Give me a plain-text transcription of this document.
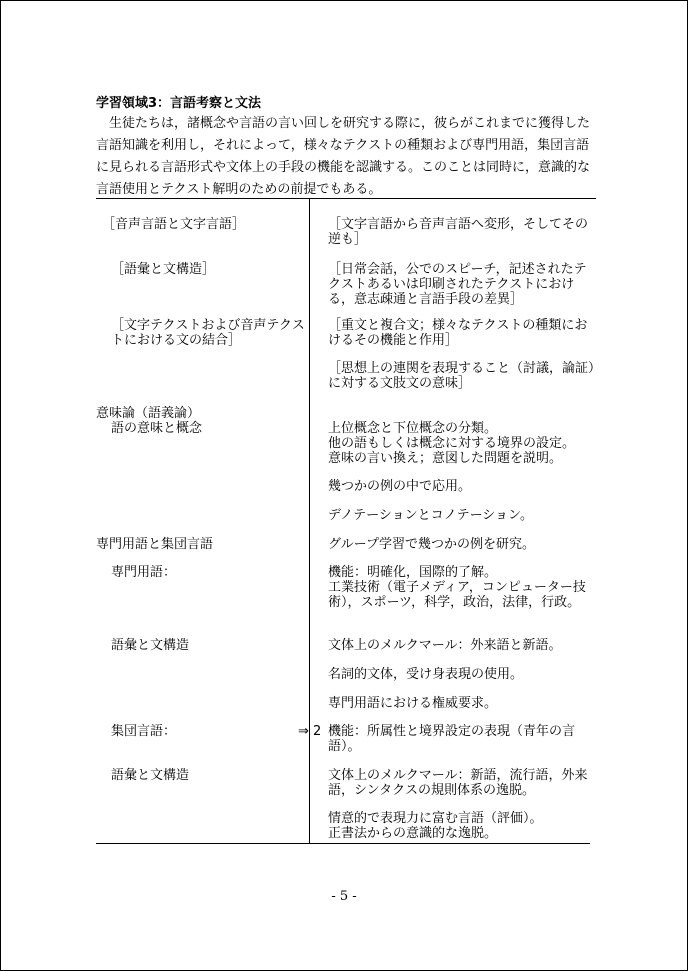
学習領域3：言語考察と文法
生徒たちは，諸概念や言語の言い回しを研究する際に，彼らがこれまでに獲得した言語知識を利用し，それによって，様々なテクストの種類および専門用語，集団言語に見られる言語形式や文体上の手段の機能を認識する。このことは同時に，意識的な言語使用とテクスト解明のための前提でもある。
［音声言語と文字言語］
［語彙と文構造］
［文字テクストおよび音声テクストにおける文の結合］
意味論（語義論）
語の意味と概念
専門用語と集団言語
専門用語：
語彙と文構造
集団言語：
語彙と文構造
［文字言語から音声言語へ変形，そしてその逆も］
［日常会話，公でのスピーチ，記述されたテクストあるいは印刷されたテクストにおける，意志疎通と言語手段の差異］
［重文と複合文；様々なテクストの種類におけるその機能と作用］
［思想上の連関を表現すること（討議，論証）に対する文肢文の意味］
上位概念と下位概念の分類。
他の語もしくは概念に対する境界の設定。
意味の言い換え；意図した問題を説明。
幾つかの例の中で応用。
デノテーションとコノテーション。
グループ学習で幾つかの例を研究。
機能：明確化，国際的了解。
工業技術（電子メディア，コンピューター技術），スポーツ，科学，政治，法律，行政。
文体上のメルクマール：外来語と新語。
名詞的文体，受け身表現の使用。
専門用語における権威要求。
機能：所属性と境界設定の表現（青年の言語）。
文体上のメルクマール：新語，流行語，外来語，シンタクスの規則体系の逸脱。
情意的で表現力に富む言語（評価）。
正書法からの意識的な逸脱。
⇒ 2
- 5 -
